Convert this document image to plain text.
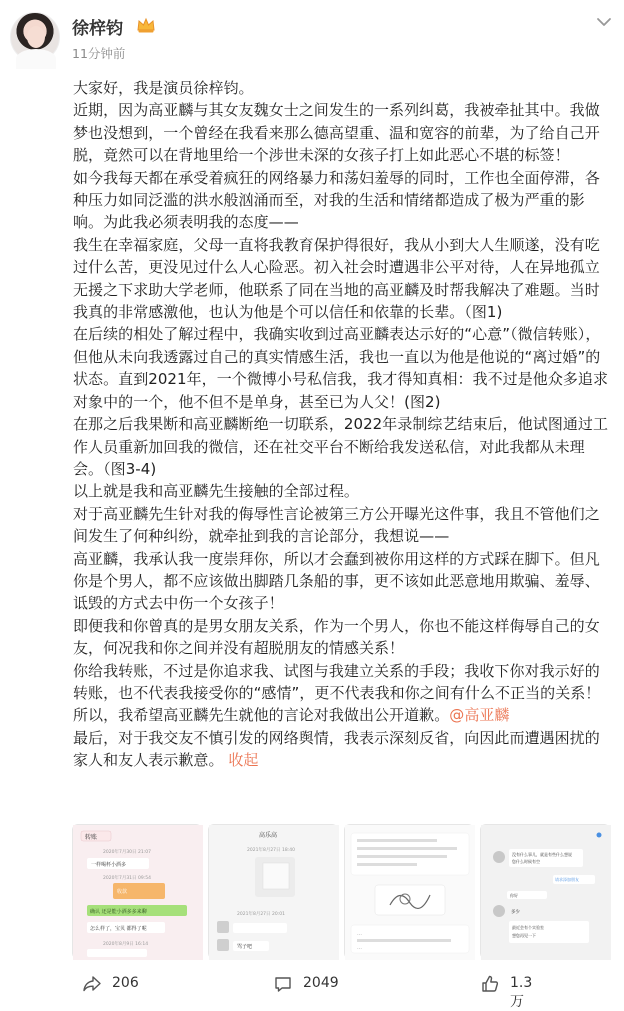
徐梓钧
11分钟前

大家好，我是演员徐梓钧。

近期，因为高亚麟与其女友魏女士之间发生的一系列纠葛，我被牵扯其中。我做梦也没想到，一个曾经在我看来那么德高望重、温和宽容的前辈，为了给自己开脱，竟然可以在背地里给一个涉世未深的女孩子打上如此恶心不堪的标签！

如今我每天都在承受着疯狂的网络暴力和荡妇羞辱的同时，工作也全面停滞，各种压力如同泛滥的洪水般汹涌而至，对我的生活和情绪都造成了极为严重的影响。为此我必须表明我的态度——

我生在幸福家庭，父母一直将我教育保护得很好，我从小到大人生顺遂，没有吃过什么苦，更没见过什么人心险恶。初入社会时遭遇非公平对待，人在异地孤立无援之下求助大学老师，他联系了同在当地的高亚麟及时帮我解决了难题。当时我真的非常感激他，也认为他是个可以信任和依靠的长辈。（图1)

在后续的相处了解过程中，我确实收到过高亚麟表达示好的“心意”（微信转账），但他从未向我透露过自己的真实情感生活，我也一直以为他是他说的“离过婚”的状态。直到2021年，一个微博小号私信我，我才得知真相：我不过是他众多追求对象中的一个，他不但不是单身，甚至已为人父！(图2)

在那之后我果断和高亚麟断绝一切联系，2022年录制综艺结束后，他试图通过工作人员重新加回我的微信，还在社交平台不断给我发送私信，对此我都从未理会。（图3-4)

以上就是我和高亚麟先生接触的全部过程。

对于高亚麟先生针对我的侮辱性言论被第三方公开曝光这件事，我且不管他们之间发生了何种纠纷，就牵扯到我的言论部分，我想说——

高亚麟，我承认我一度崇拜你，所以才会蠢到被你用这样的方式踩在脚下。但凡你是个男人，都不应该做出脚踏几条船的事，更不该如此恶意地用欺骗、羞辱、诋毁的方式去中伤一个女孩子！

即便我和你曾真的是男女朋友关系，作为一个男人，你也不能这样侮辱自己的女友，何况我和你之间并没有超脱朋友的情感关系！

你给我转账，不过是你追求我、试图与我建立关系的手段；我收下你对我示好的转账，也不代表我接受你的“感情”，更不代表我和你之间有什么不正当的关系！

所以，我希望高亚麟先生就他的言论对我做出公开道歉。@高亚麟

最后，对于我交友不慎引发的网络舆情，我表示深刻反省，向因此而遭遇困扰的家人和友人表示歉意。 收起

转账
2020年7月30日 21:07
一样喝杯小酒多
2020年7月31日 09:54
收款
确认 还是能小酒多多来聊
怎么样了，宝贝 都得了呢
2020年8月9日 16:14
高乐高
2021年8月27日 18:40
2021年8月27日 20:01
骂子吧
…
…
没有什么事儿，就是有些什么想说
您什么时候有空
请求添加朋友
你好
多少
最近会有个实验室
想您再见一下
206	2049	1.3万
